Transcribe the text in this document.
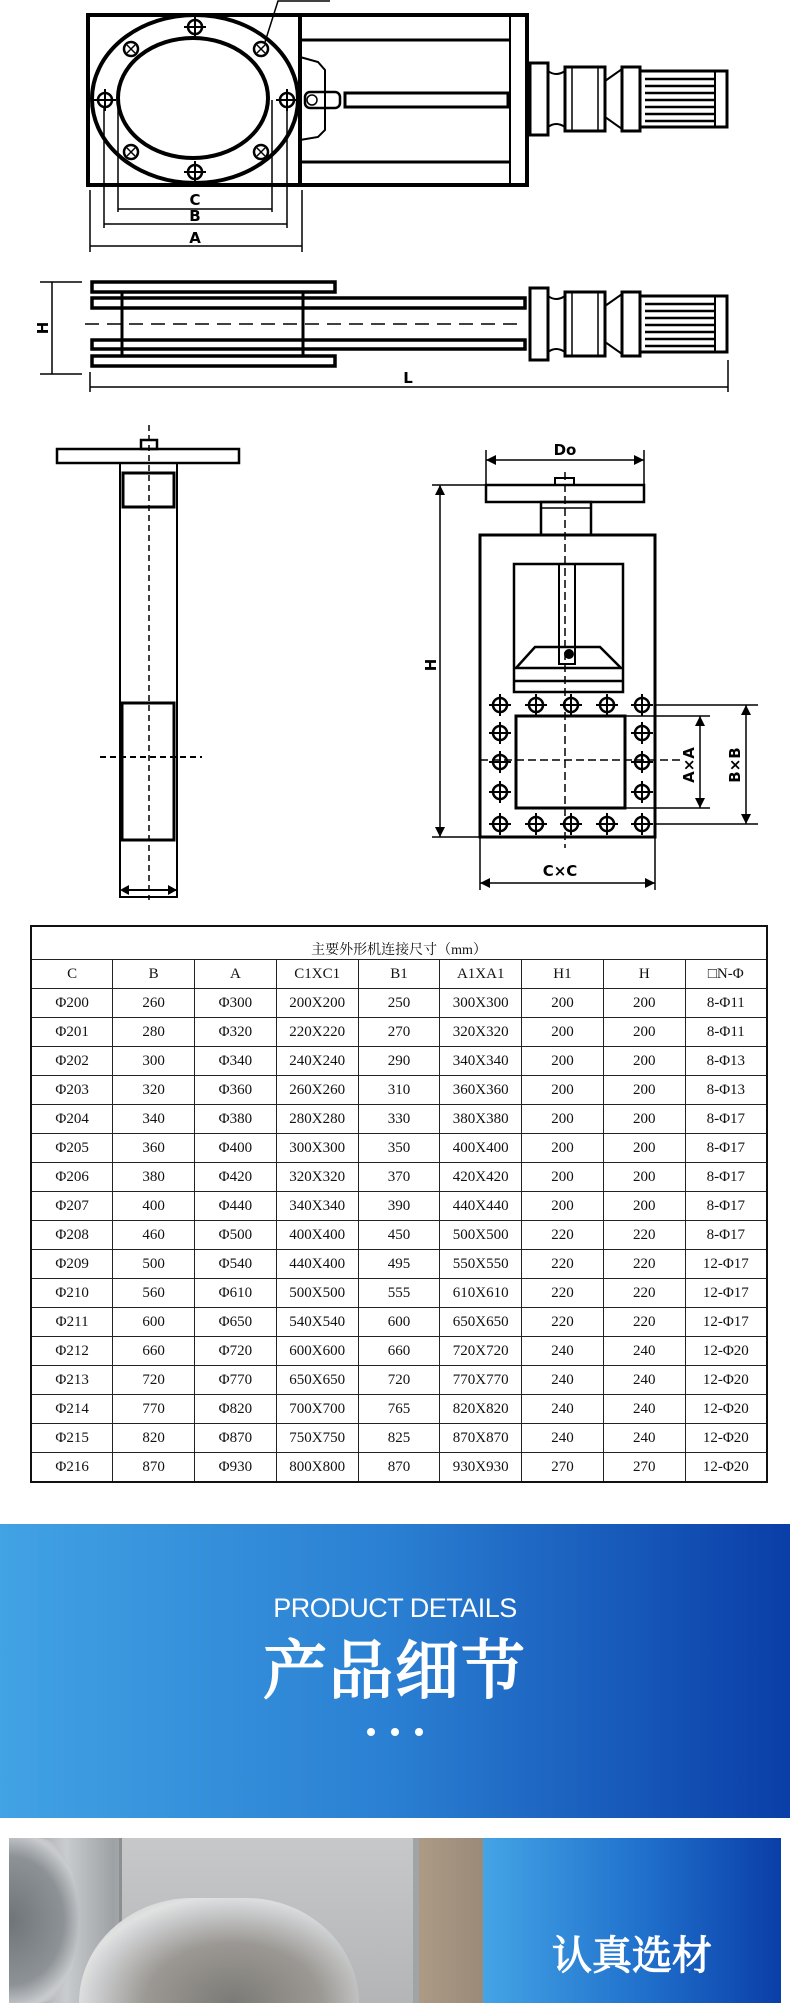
C
B
A
H
L
Do
H
A×A B×B
C×C
主要外形机连接尺寸（mm）								
C	B	A	C1XC1	B1	A1XA1	H1	H	□N-Φ
Φ200	260	Φ300	200X200	250	300X300	200	200	8-Φ11
Φ201	280	Φ320	220X220	270	320X320	200	200	8-Φ11
Φ202	300	Φ340	240X240	290	340X340	200	200	8-Φ13
Φ203	320	Φ360	260X260	310	360X360	200	200	8-Φ13
Φ204	340	Φ380	280X280	330	380X380	200	200	8-Φ17
Φ205	360	Φ400	300X300	350	400X400	200	200	8-Φ17
Φ206	380	Φ420	320X320	370	420X420	200	200	8-Φ17
Φ207	400	Φ440	340X340	390	440X440	200	200	8-Φ17
Φ208	460	Φ500	400X400	450	500X500	220	220	8-Φ17
Φ209	500	Φ540	440X400	495	550X550	220	220	12-Φ17
Φ210	560	Φ610	500X500	555	610X610	220	220	12-Φ17
Φ211	600	Φ650	540X540	600	650X650	220	220	12-Φ17
Φ212	660	Φ720	600X600	660	720X720	240	240	12-Φ20
Φ213	720	Φ770	650X650	720	770X770	240	240	12-Φ20
Φ214	770	Φ820	700X700	765	820X820	240	240	12-Φ20
Φ215	820	Φ870	750X750	825	870X870	240	240	12-Φ20
Φ216	870	Φ930	800X800	870	930X930	270	270	12-Φ20
PRODUCT DETAILS
产品细节
认真选材
